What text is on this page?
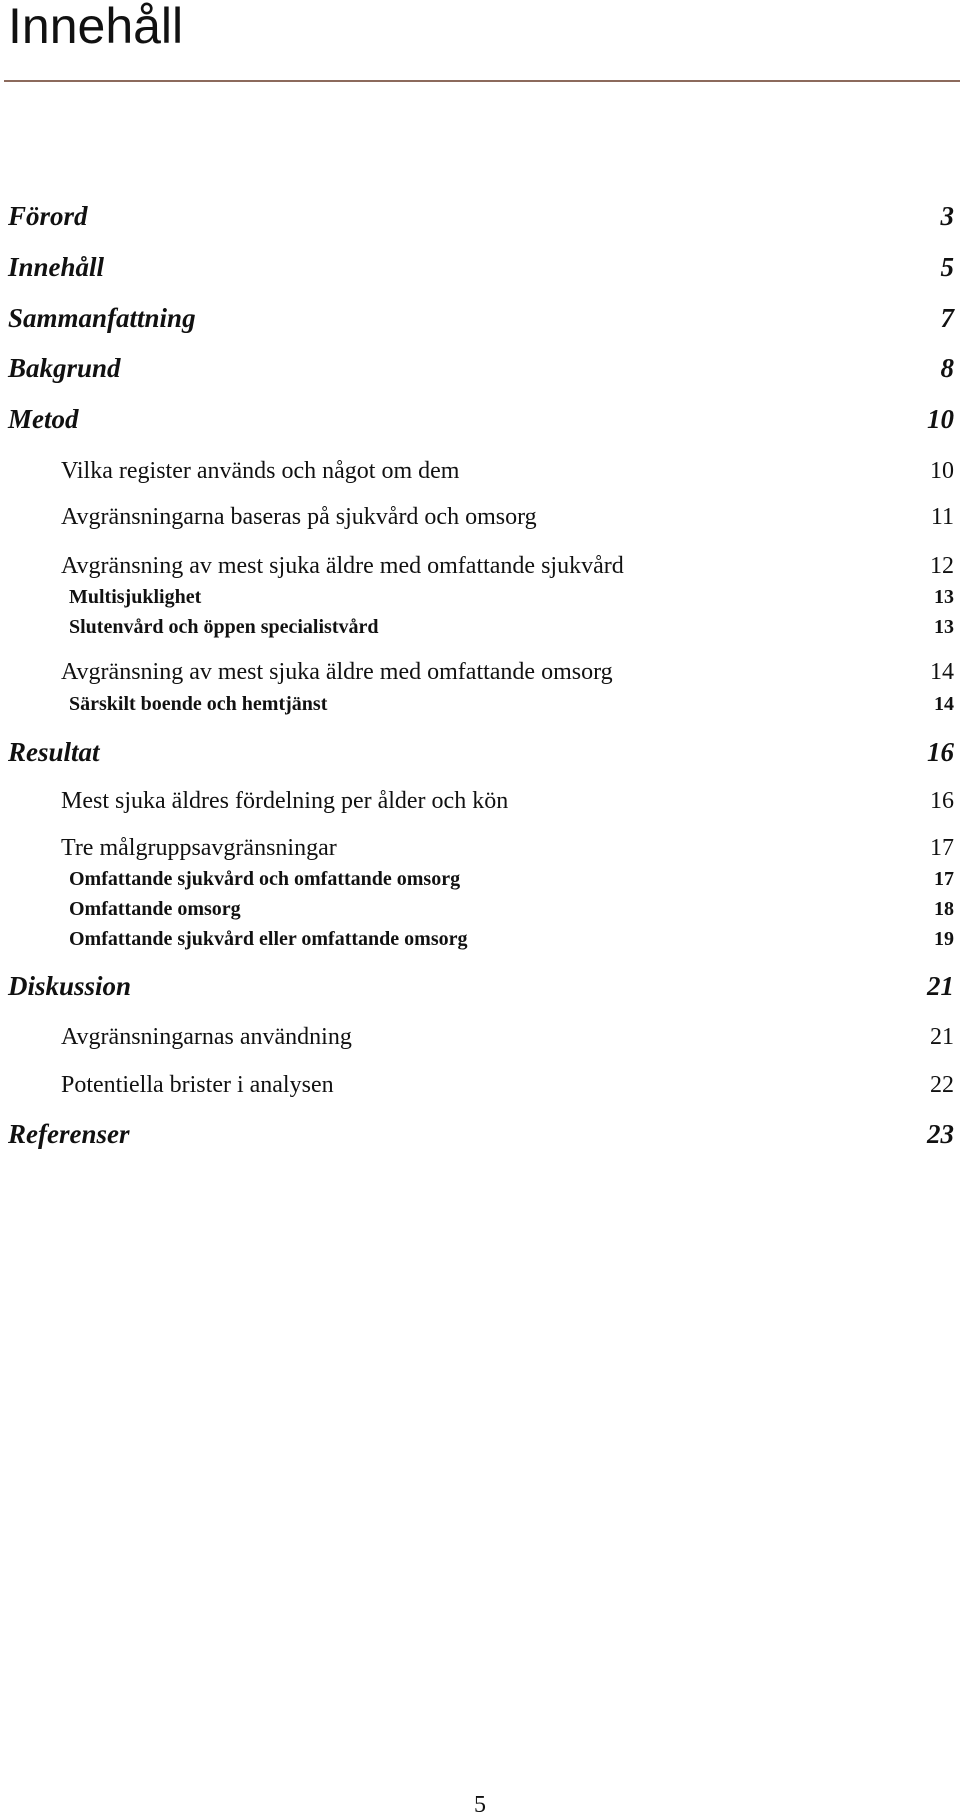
Innehåll
Förord	3
Innehåll	5
Sammanfattning	7
Bakgrund	8
Metod	10
Vilka register används och något om dem	10
Avgränsningarna baseras på sjukvård och omsorg	11
Avgränsning av mest sjuka äldre med omfattande sjukvård	12
Multisjuklighet	13
Slutenvård och öppen specialistvård	13
Avgränsning av mest sjuka äldre med omfattande omsorg	14
Särskilt boende och hemtjänst	14
Resultat	16
Mest sjuka äldres fördelning per ålder och kön	16
Tre målgruppsavgränsningar	17
Omfattande sjukvård och omfattande omsorg	17
Omfattande omsorg	18
Omfattande sjukvård eller omfattande omsorg	19
Diskussion	21
Avgränsningarnas användning	21
Potentiella brister i analysen	22
Referenser	23
5
